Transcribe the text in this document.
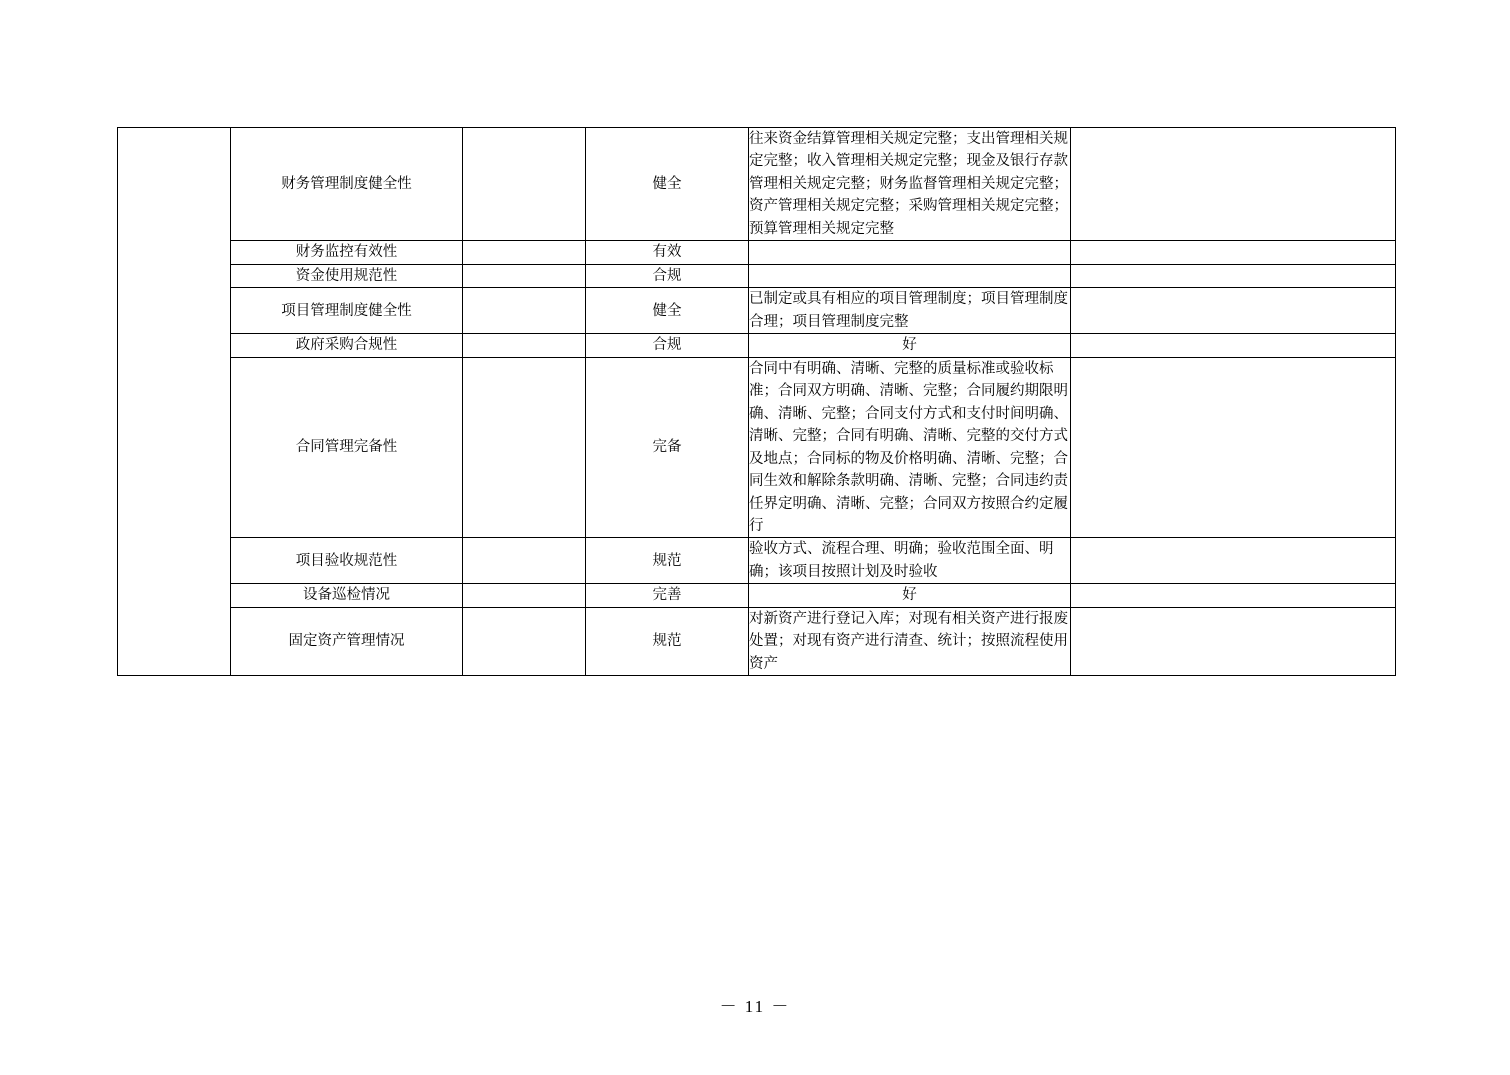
	财务管理制度健全性		健全	往来资金结算管理相关规定完整；支出管理相关规定完整；收入管理相关规定完整；现金及银行存款管理相关规定完整；财务监督管理相关规定完整；资产管理相关规定完整；采购管理相关规定完整；预算管理相关规定完整	
	财务监控有效性		有效		
	资金使用规范性		合规		
	项目管理制度健全性		健全	已制定或具有相应的项目管理制度；项目管理制度合理；项目管理制度完整	
	政府采购合规性		合规	好	
	合同管理完备性		完备	合同中有明确、清晰、完整的质量标准或验收标准；合同双方明确、清晰、完整；合同履约期限明确、清晰、完整；合同支付方式和支付时间明确、清晰、完整；合同有明确、清晰、完整的交付方式及地点；合同标的物及价格明确、清晰、完整；合同生效和解除条款明确、清晰、完整；合同违约责任界定明确、清晰、完整；合同双方按照合约定履行	
	项目验收规范性		规范	验收方式、流程合理、明确；验收范围全面、明确；该项目按照计划及时验收	
	设备巡检情况		完善	好	
	固定资产管理情况		规范	对新资产进行登记入库；对现有相关资产进行报废处置；对现有资产进行清查、统计；按照流程使用资产	
－ 11 －
